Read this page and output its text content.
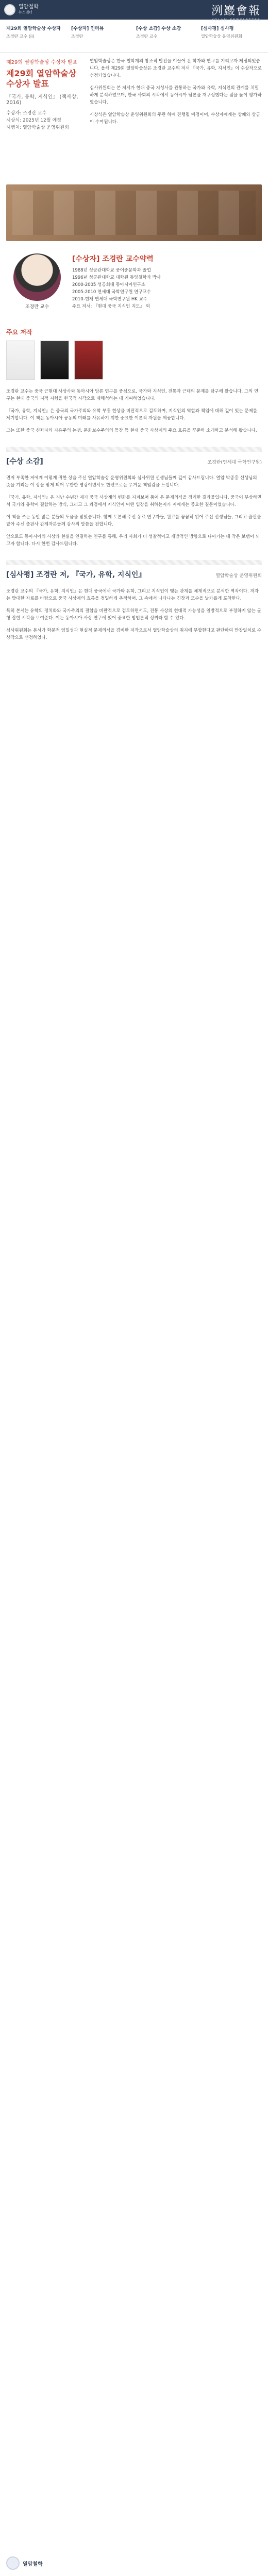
열암철학
뉴스레터	洌巖會報
YOLAM NEWSLETTER
제29회 열암학술상 수상자
조경란 교수 (ii)
[수상자] 인터뷰
조경란
[수상 소감] 수상 소감
조경란 교수
[심사평] 심사평
열암학술상 운영위원회
제29회 열암학술상 수상자 발표
제29회 열암학술상 수상자 발표
『국가, 유학, 지식인』 (책세상, 2016)
수상자: 조경란 교수
시상식: 2025년 12월 예정
시행처: 열암학술상 운영위원회

열암학술상은 한국 철학계의 창조적 발전을 이끌어 온 학자와 연구를 기리고자 제정되었습니다. 올해 제29회 열암학술상은 조경란 교수의 저서 『국가, 유학, 지식인』이 수상작으로 선정되었습니다.

심사위원회는 본 저서가 현대 중국 지성사를 관통하는 국가와 유학, 지식인의 관계를 치밀하게 분석하였으며, 한국 사회의 시각에서 동아시아 담론을 재구성했다는 점을 높이 평가하였습니다.

시상식은 열암학술상 운영위원회의 주관 하에 진행될 예정이며, 수상자에게는 상패와 상금이 수여됩니다.

조경란 교수
[수상자] 조경란 교수약력
1988년 성균관대학교 중어중문학과 졸업
1996년 성균관대학교 대학원 동양철학과 박사
2000-2005 성공회대 동아시아연구소
2005-2010 연세대 국학연구원 연구교수
2010-현재 연세대 국학연구원 HK 교수
주요 저서: 『현대 중국 지식인 지도』 외
주요 저작

조경란 교수는 중국 근현대 사상사와 동아시아 담론 연구를 중심으로, 국가와 지식인, 전통과 근대의 문제를 탐구해 왔습니다. 그의 연구는 현대 중국의 지적 지형을 한국적 시각으로 재해석하는 데 기여하였습니다.

『국가, 유학, 지식인』은 중국의 국가주의와 유학 부흥 현상을 비판적으로 검토하며, 지식인의 역할과 책임에 대해 깊이 있는 문제를 제기합니다. 이 책은 동아시아 공동의 미래를 사유하기 위한 중요한 이론적 자원을 제공합니다.

그는 또한 중국 신좌파와 자유주의 논쟁, 문화보수주의의 등장 등 현대 중국 사상계의 주요 흐름을 꾸준히 소개하고 분석해 왔습니다.

[수상 소감]	조경란(연세대 국학연구원)

먼저 부족한 저에게 이렇게 귀한 상을 주신 열암학술상 운영위원회와 심사위원 선생님들께 깊이 감사드립니다. 열암 박종홍 선생님의 뜻을 기리는 이 상을 받게 되어 무한한 영광이면서도 한편으로는 무거운 책임감을 느낍니다.

『국가, 유학, 지식인』은 지난 수년간 제가 중국 사상계의 변화를 지켜보며 품어 온 문제의식을 정리한 결과물입니다. 중국이 부상하면서 국가와 유학이 결합하는 방식, 그리고 그 과정에서 지식인이 어떤 입장을 취하는지가 저에게는 중요한 질문이었습니다.

이 책을 쓰는 동안 많은 분들의 도움을 받았습니다. 함께 토론해 주신 동료 연구자들, 원고를 꼼꼼히 읽어 주신 선생님들, 그리고 출판을 맡아 주신 출판사 관계자분들께 감사의 말씀을 전합니다.

앞으로도 동아시아의 사상과 현실을 연결하는 연구를 통해, 우리 사회가 더 성찰적이고 개방적인 방향으로 나아가는 데 작은 보탬이 되고자 합니다. 다시 한번 감사드립니다.

[심사평] 조경란 저, 『국가, 유학, 지식인』	열암학술상 운영위원회

조경란 교수의 『국가, 유학, 지식인』은 현대 중국에서 국가와 유학, 그리고 지식인이 맺는 관계를 체계적으로 분석한 역작이다. 저자는 방대한 자료를 바탕으로 중국 사상계의 흐름을 정밀하게 추적하며, 그 속에서 나타나는 긴장과 모순을 날카롭게 포착한다.

특히 본서는 유학의 정치화와 국가주의의 결합을 비판적으로 검토하면서도, 전통 사상의 현대적 가능성을 일방적으로 부정하지 않는 균형 잡힌 시각을 보여준다. 이는 동아시아 사상 연구에 있어 중요한 방법론적 성취라 할 수 있다.

심사위원회는 본서가 학문적 엄밀성과 현실적 문제의식을 겸비한 저작으로서 열암학술상의 취지에 부합한다고 판단하여 만장일치로 수상작으로 선정하였다.

열암철학
